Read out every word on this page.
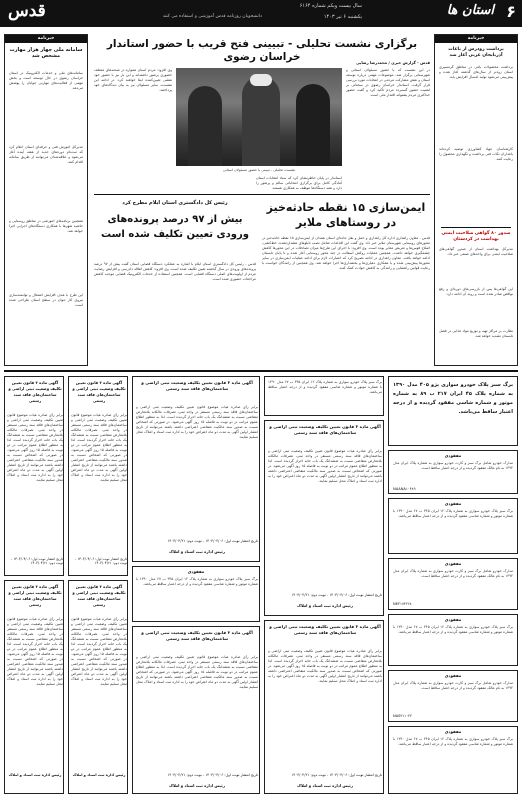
۶
استان ها
سال بیست ویکم شماره ۶۱۶۴
یکشنبه ۶ تیر ۱۴۰۳
دانشجویان روزنامه قدس آموزشی و استفاده می کنند
قدس
خبرنامه
سامانه ملی چهار هزار مهارت مشخص شد
سامانه‌های ملی و خدمات الکترونیک در استان خراسان رضوی در حال توسعه است و بخش مهمی از فعالیت‌های مهارتی جوانان را پوشش می‌دهد.
مدیرکل آموزش فنی و حرفه‌ای استان اعلام کرد که ثبت‌نام دوره‌های جدید از هفته آینده آغاز می‌شود و علاقه‌مندان می‌توانند از طریق سامانه اقدام کنند.
همچنین برنامه‌های آموزشی در مناطق روستایی و حاشیه شهرها با همکاری دستگاه‌های اجرایی اجرا خواهد شد.
این طرح با هدف افزایش اشتغال و توانمندسازی نیروی کار جوان در سطح استان طراحی شده است.
خبرنامه
برداشت زودرس از باغات آذربایجان غربی آغاز شد
برداشت محصولات باغی در مناطق گرمسیری استان زودتر از سال‌های گذشته آغاز شده و پیش‌بینی می‌شود تولید امسال افزایش یابد.
کارشناسان جهاد کشاورزی توصیه کرده‌اند باغداران نکات فنی برداشت و نگهداری محصول را رعایت کنند.
صدور ۸۰ گواهی صلاحیت ایمنی بهداشت در کردستان
مدیرکل بهداشت استان از صدور گواهی‌های صلاحیت ایمنی برای واحدهای صنفی خبر داد.
این گواهی‌ها پس از بازرسی‌های دوره‌ای و رفع نواقص صادر شده است و روند آن ادامه دارد.
نظارت بر مراکز تهیه و توزیع مواد غذایی در فصل تابستان تشدید خواهد شد.
برگزاری نشست تحلیلی - تبیینی فتح قریب با حضور استاندار خراسان رضوی	قدس - گزارش خبری / محمدرضا رضایی
در این نشست که با حضور مسئولان استانی و شهرستانی برگزار شد، موضوعات مهمی درباره توسعه استان و نقش مشارکت مردمی در انتخابات مورد بررسی قرار گرفت. استاندار خراسان رضوی در سخنانی بر اهمیت حضور گسترده مردم تأکید کرد و گفت حضور حداکثری مردم پشتوانه اقتدار ملی است.
نشست تحلیلی - تبیینی با حضور مسئولان استانی
وی افزود: مردم استان همواره در صحنه‌های مختلف حضوری پرشور داشته‌اند و این بار نیز با حضور خود نقشی تعیین‌کننده ایفا خواهند کرد. در ادامه این نشست، سایر مسئولان نیز به بیان دیدگاه‌های خود پرداختند.
استاندار در پایان خاطرنشان کرد که ستاد انتخابات استان آمادگی کامل برای برگزاری انتخاباتی سالم و پرشور را دارد و همه دستگاه‌ها موظف به همکاری هستند.
ایمن‌سازی ۱۵ نقطه حادثه‌خیز در روستاهای ملایر
قدس - معاون راهداری اداره کل راهداری و حمل و نقل جاده‌ای استان همدان از ایمن‌سازی ۱۵ نقطه حادثه‌خیز در محورهای روستایی شهرستان ملایر خبر داد. وی گفت این اقدامات شامل نصب تابلوهای هشداردهنده، خط‌کشی، اصلاح قوس‌ها و تعریض معابر بوده است. وی افزود: با اجرای این طرح‌ها میزان تصادفات در این محورها کاهش چشمگیری خواهد داشت. همچنین عملیات روکش آسفالت در چند محور روستایی آغاز شده و تا پایان تابستان ادامه خواهد یافت. معاون راهداری در ادامه تصریح کرد که اعتبارات لازم برای ادامه عملیات ایمن‌سازی در سایر محورها پیش‌بینی شده و با همکاری دهیاری‌ها و بخشداری‌ها اجرا خواهد شد. وی همچنین از رانندگان خواست با رعایت قوانین راهنمایی و رانندگی به کاهش حوادث کمک کنند.
رئیس کل دادگستری استان ایلام مطرح کرد
بیش از ۹۷ درصد پرونده‌های ورودی تعیین تکلیف شده است
قدس - رئیس کل دادگستری استان ایلام با اشاره به عملکرد دستگاه قضایی استان گفت بیش از ۹۷ درصد پرونده‌های ورودی در سال گذشته تعیین تکلیف شده است. وی افزود: کاهش اطاله دادرسی و افزایش رضایت مردم از اولویت‌های اصلی دستگاه قضایی است. همچنین استفاده از خدمات الکترونیک قضایی موجب کاهش مراجعات حضوری شده است.
برگ سبز پلاک خودرو سواری پژو ۴۰۵ مدل ۱۳۹۰ به شماره پلاک ۴۵ ایران ۲۱۷ ب ۸۹ به شماره موتور و شماره شاسی مفقود گردیده و از درجه اعتبار ساقط می‌باشد.
مفقودی
مدارک خودرو شامل برگ سبز و کارت خودرو سواری به شماره پلاک ایران مدل ۱۳۹۲ به نام مالک مفقود گردیده و از درجه اعتبار ساقط است.
NAANA۱۰۴۸۹
مفقودی
برگ سبز پلاک خودرو سواری به شماره پلاک ۱۲ ایران ۳۴۵ ب ۶۷ مدل ۱۳۹۰ با شماره موتور و شماره شاسی مفقود گردیده و از درجه اعتبار ساقط می‌باشد.
مفقودی
مدارک خودرو شامل برگ سبز و کارت خودرو سواری به شماره پلاک ایران مدل ۱۳۹۲ به نام مالک مفقود گردیده و از درجه اعتبار ساقط است.
NEF۱۷۴۲۶۸
مفقودی
برگ سبز پلاک خودرو سواری به شماره پلاک ۱۲ ایران ۳۴۵ ب ۶۷ مدل ۱۳۹۰ با شماره موتور و شماره شاسی مفقود گردیده و از درجه اعتبار ساقط می‌باشد.
مفقودی
مدارک خودرو شامل برگ سبز و کارت خودرو سواری به شماره پلاک ایران مدل ۱۳۹۲ به نام مالک مفقود گردیده و از درجه اعتبار ساقط است.
NAS۳۱۱۰۲۲
مفقودی
برگ سبز پلاک خودرو سواری به شماره پلاک ۱۲ ایران ۳۴۵ ب ۶۷ مدل ۱۳۹۰ با شماره موتور و شماره شاسی مفقود گردیده و از درجه اعتبار ساقط می‌باشد.
برگ سبز پلاک خودرو سواری به شماره پلاک ۱۲ ایران ۳۴۵ ب ۶۷ مدل ۱۳۹۰ با شماره موتور و شماره شاسی مفقود گردیده و از درجه اعتبار ساقط می‌باشد.
آگهی ماده ۳ قانون تعیین تکلیف وضعیت ثبتی اراضی و ساختمان‌های فاقد سند رسمی
برابر رأی صادره هیات موضوع قانون تعیین تکلیف وضعیت ثبتی اراضی و ساختمان‌های فاقد سند رسمی مستقر در واحد ثبتی، تصرفات مالکانه بلامعارض متقاضی نسبت به ششدانگ یک باب خانه احراز گردیده است. لذا به منظور اطلاع عموم مراتب در دو نوبت به فاصله ۱۵ روز آگهی می‌شود. در صورتی که اشخاص نسبت به صدور سند مالکیت متقاضی اعتراضی داشته باشند می‌توانند از تاریخ انتشار اولین آگهی به مدت دو ماه اعتراض خود را به اداره ثبت اسناد و املاک محل تسلیم نمایند.
تاریخ انتشار نوبت اول: ۱۴۰۳/۰۴/۰۶ - نوبت دوم: ۱۴۰۳/۰۴/۲۱
رئیس اداره ثبت اسناد و املاک
آگهی ماده ۳ قانون تعیین تکلیف وضعیت ثبتی اراضی و ساختمان‌های فاقد سند رسمی
برابر رأی صادره هیات موضوع قانون تعیین تکلیف وضعیت ثبتی اراضی و ساختمان‌های فاقد سند رسمی مستقر در واحد ثبتی، تصرفات مالکانه بلامعارض متقاضی نسبت به ششدانگ یک باب خانه احراز گردیده است. لذا به منظور اطلاع عموم مراتب در دو نوبت به فاصله ۱۵ روز آگهی می‌شود. در صورتی که اشخاص نسبت به صدور سند مالکیت متقاضی اعتراضی داشته باشند می‌توانند از تاریخ انتشار اولین آگهی به مدت دو ماه اعتراض خود را به اداره ثبت اسناد و املاک محل تسلیم نمایند.
تاریخ انتشار نوبت اول: ۱۴۰۳/۰۴/۰۶ - نوبت دوم: ۱۴۰۳/۰۴/۲۱
رئیس اداره ثبت اسناد و املاک
آگهی ماده ۳ قانون تعیین تکلیف وضعیت ثبتی اراضی و ساختمان‌های فاقد سند رسمی
برابر رأی صادره هیات موضوع قانون تعیین تکلیف وضعیت ثبتی اراضی و ساختمان‌های فاقد سند رسمی مستقر در واحد ثبتی، تصرفات مالکانه بلامعارض متقاضی نسبت به ششدانگ یک باب خانه احراز گردیده است. لذا به منظور اطلاع عموم مراتب در دو نوبت به فاصله ۱۵ روز آگهی می‌شود. در صورتی که اشخاص نسبت به صدور سند مالکیت متقاضی اعتراضی داشته باشند می‌توانند از تاریخ انتشار اولین آگهی به مدت دو ماه اعتراض خود را به اداره ثبت اسناد و املاک محل تسلیم نمایند.
تاریخ انتشار نوبت اول: ۱۴۰۳/۰۴/۰۶ - نوبت دوم: ۱۴۰۳/۰۴/۲۱
رئیس اداره ثبت اسناد و املاک
مفقودی
برگ سبز پلاک خودرو سواری به شماره پلاک ۱۲ ایران ۳۴۵ ب ۶۷ مدل ۱۳۹۰ با شماره موتور و شماره شاسی مفقود گردیده و از درجه اعتبار ساقط می‌باشد.
آگهی ماده ۳ قانون تعیین تکلیف وضعیت ثبتی اراضی و ساختمان‌های فاقد سند رسمی
برابر رأی صادره هیات موضوع قانون تعیین تکلیف وضعیت ثبتی اراضی و ساختمان‌های فاقد سند رسمی مستقر در واحد ثبتی، تصرفات مالکانه بلامعارض متقاضی نسبت به ششدانگ یک باب خانه احراز گردیده است. لذا به منظور اطلاع عموم مراتب در دو نوبت به فاصله ۱۵ روز آگهی می‌شود. در صورتی که اشخاص نسبت به صدور سند مالکیت متقاضی اعتراضی داشته باشند می‌توانند از تاریخ انتشار اولین آگهی به مدت دو ماه اعتراض خود را به اداره ثبت اسناد و املاک محل تسلیم نمایند.
تاریخ انتشار نوبت اول: ۱۴۰۳/۰۴/۰۶ - نوبت دوم: ۱۴۰۳/۰۴/۲۱
رئیس اداره ثبت اسناد و املاک
آگهی ماده ۳ قانون تعیین تکلیف وضعیت ثبتی اراضی و ساختمان‌های فاقد سند رسمی
برابر رأی صادره هیات موضوع قانون تعیین تکلیف وضعیت ثبتی اراضی و ساختمان‌های فاقد سند رسمی مستقر در واحد ثبتی، تصرفات مالکانه بلامعارض متقاضی نسبت به ششدانگ یک باب خانه احراز گردیده است. لذا به منظور اطلاع عموم مراتب در دو نوبت به فاصله ۱۵ روز آگهی می‌شود. در صورتی که اشخاص نسبت به صدور سند مالکیت متقاضی اعتراضی داشته باشند می‌توانند از تاریخ انتشار اولین آگهی به مدت دو ماه اعتراض خود را به اداره ثبت اسناد و املاک محل تسلیم نمایند.
تاریخ انتشار نوبت اول: ۱۴۰۳/۰۴/۰۶ - نوبت دوم: ۱۴۰۳/۰۴/۲۱
آگهی ماده ۳ قانون تعیین تکلیف وضعیت ثبتی اراضی و ساختمان‌های فاقد سند رسمی
برابر رأی صادره هیات موضوع قانون تعیین تکلیف وضعیت ثبتی اراضی و ساختمان‌های فاقد سند رسمی مستقر در واحد ثبتی، تصرفات مالکانه بلامعارض متقاضی نسبت به ششدانگ یک باب خانه احراز گردیده است. لذا به منظور اطلاع عموم مراتب در دو نوبت به فاصله ۱۵ روز آگهی می‌شود. در صورتی که اشخاص نسبت به صدور سند مالکیت متقاضی اعتراضی داشته باشند می‌توانند از تاریخ انتشار اولین آگهی به مدت دو ماه اعتراض خود را به اداره ثبت اسناد و املاک محل تسلیم نمایند.
تاریخ انتشار نوبت اول: ۱۴۰۳/۰۴/۰۶ - نوبت دوم: ۱۴۰۳/۰۴/۲۱
آگهی ماده ۳ قانون تعیین تکلیف وضعیت ثبتی اراضی و ساختمان‌های فاقد سند رسمی
برابر رأی صادره هیات موضوع قانون تعیین تکلیف وضعیت ثبتی اراضی و ساختمان‌های فاقد سند رسمی مستقر در واحد ثبتی، تصرفات مالکانه بلامعارض متقاضی نسبت به ششدانگ یک باب خانه احراز گردیده است. لذا به منظور اطلاع عموم مراتب در دو نوبت به فاصله ۱۵ روز آگهی می‌شود. در صورتی که اشخاص نسبت به صدور سند مالکیت متقاضی اعتراضی داشته باشند می‌توانند از تاریخ انتشار اولین آگهی به مدت دو ماه اعتراض خود را به اداره ثبت اسناد و املاک محل تسلیم نمایند.
رئیس اداره ثبت اسناد و املاک
آگهی ماده ۳ قانون تعیین تکلیف وضعیت ثبتی اراضی و ساختمان‌های فاقد سند رسمی
برابر رأی صادره هیات موضوع قانون تعیین تکلیف وضعیت ثبتی اراضی و ساختمان‌های فاقد سند رسمی مستقر در واحد ثبتی، تصرفات مالکانه بلامعارض متقاضی نسبت به ششدانگ یک باب خانه احراز گردیده است. لذا به منظور اطلاع عموم مراتب در دو نوبت به فاصله ۱۵ روز آگهی می‌شود. در صورتی که اشخاص نسبت به صدور سند مالکیت متقاضی اعتراضی داشته باشند می‌توانند از تاریخ انتشار اولین آگهی به مدت دو ماه اعتراض خود را به اداره ثبت اسناد و املاک محل تسلیم نمایند.
رئیس اداره ثبت اسناد و املاک
